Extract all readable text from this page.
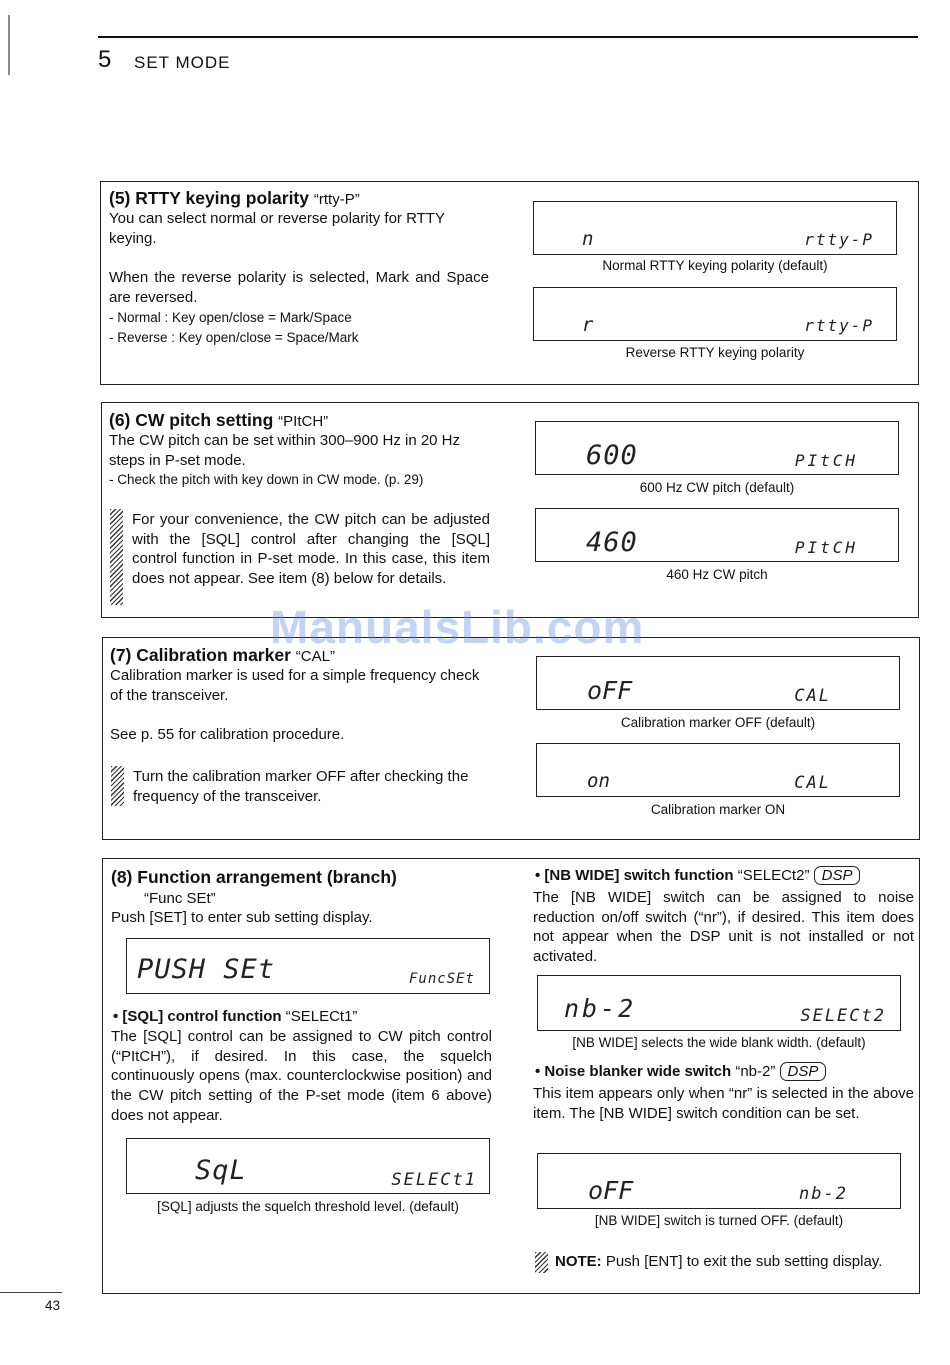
5 SET MODE
(5) RTTY keying polarity “rtty-P”
You can select normal or reverse polarity for RTTY keying.
When the reverse polarity is selected, Mark and Space are reversed.
- Normal : Key open/close = Mark/Space
- Reverse : Key open/close = Space/Mark
n	rtty-P
Normal RTTY keying polarity (default)
r	rtty-P
Reverse RTTY keying polarity
(6) CW pitch setting “PItCH”
The CW pitch can be set within 300–900 Hz in 20 Hz steps in P-set mode.
- Check the pitch with key down in CW mode. (p. 29)
For your convenience, the CW pitch can be adjusted with the [SQL] control after changing the [SQL] control function in P-set mode. In this case, this item does not appear. See item (8) below for details.
600	PItCH
600 Hz CW pitch (default)
460	PItCH
460 Hz CW pitch
(7) Calibration marker “CAL”
Calibration marker is used for a simple frequency check of the transceiver.
See p. 55 for calibration procedure.
Turn the calibration marker OFF after checking the frequency of the transceiver.
oFF	CAL
Calibration marker OFF (default)
on	CAL
Calibration marker ON
(8) Function arrangement (branch)
“Func SEt”
Push [SET] to enter sub setting display.
PUSH SEt	FuncSEt
• [SQL] control function “SELECt1”
The [SQL] control can be assigned to CW pitch control (“PItCH”), if desired. In this case, the squelch continuously opens (max. counterclockwise position) and the CW pitch setting of the P-set mode (item 6 above) does not appear.
SqL	SELECt1
[SQL] adjusts the squelch threshold level. (default)
• [NB WIDE] switch function “SELECt2” DSP
The [NB WIDE] switch can be assigned to noise reduction on/off switch (“nr”), if desired. This item does not appear when the DSP unit is not installed or not activated.
nb-2	SELECt2
[NB WIDE] selects the wide blank width. (default)
• Noise blanker wide switch “nb-2” DSP
This item appears only when “nr” is selected in the above item. The [NB WIDE] switch condition can be set.
oFF	nb-2
[NB WIDE] switch is turned OFF. (default)
NOTE: Push [ENT] to exit the sub setting display.
ManualsLib.com
43
